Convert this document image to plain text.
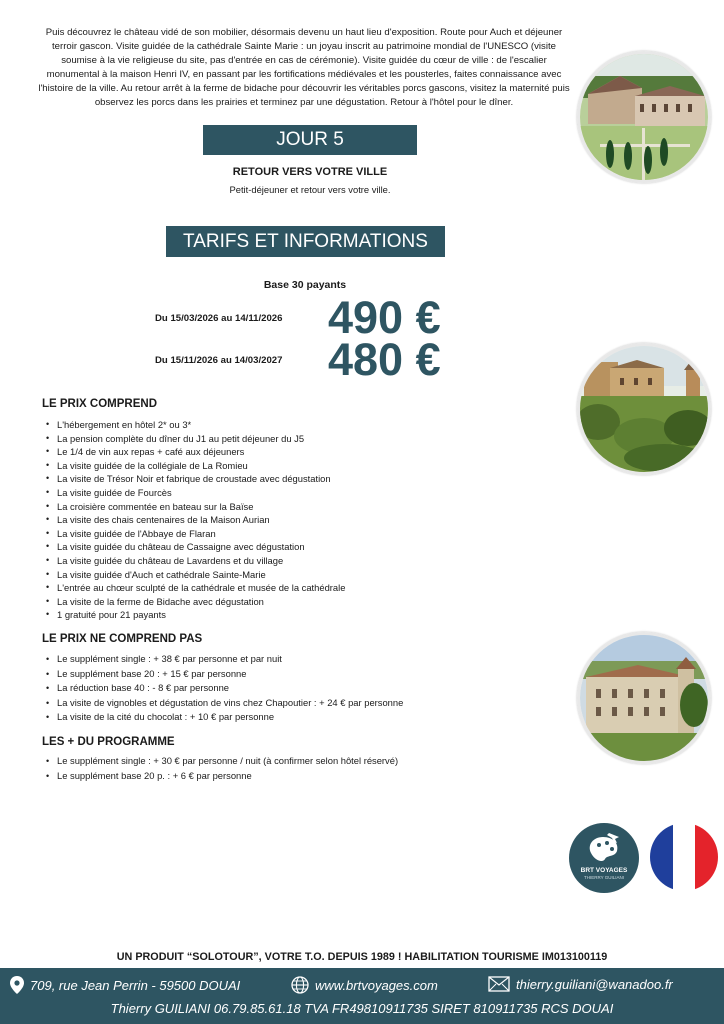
Puis découvrez le château vidé de son mobilier, désormais devenu un haut lieu d'exposition. Route pour Auch et déjeuner terroir gascon. Visite guidée de la cathédrale Sainte Marie : un joyau inscrit au patrimoine mondial de l'UNESCO (visite soumise à la vie religieuse du site, pas d'entrée en cas de cérémonie). Visite guidée du cœur de ville : de l'escalier monumental à la maison Henri IV, en passant par les fortifications médiévales et les pousterles, faites connaissance avec l'histoire de la ville. Au retour arrêt à la ferme de bidache pour découvrir les véritables porcs gascons, visitez la maternité puis observez les porcs dans les prairies et terminez par une dégustation. Retour à l'hôtel pour le dîner.

JOUR 5
RETOUR VERS VOTRE VILLE
Petit-déjeuner et retour vers votre ville.
TARIFS ET INFORMATIONS
Base 30 payants
Du 15/03/2026 au 14/11/2026 490 €
Du 15/11/2026 au 14/03/2027 480 €
LE PRIX COMPREND
• L'hébergement en hôtel 2* ou 3*
• La pension complète du dîner du J1 au petit déjeuner du J5
• Le 1/4 de vin aux repas + café aux déjeuners
• La visite guidée de la collégiale de La Romieu
• La visite de Trésor Noir et fabrique de croustade avec dégustation
• La visite guidée de Fourcès
• La croisière commentée en bateau sur la Baïse
• La visite des chais centenaires de la Maison Aurian
• La visite guidée de l'Abbaye de Flaran
• La visite guidée du château de Cassaigne avec dégustation
• La visite guidée du château de Lavardens et du village
• La visite guidée d'Auch et cathédrale Sainte-Marie
• L'entrée au chœur sculpté de la cathédrale et musée de la cathédrale
• La visite de la ferme de Bidache avec dégustation
• 1 gratuité pour 21 payants
LE PRIX NE COMPREND PAS
• Le supplément single : + 38 € par personne et par nuit
• Le supplément base 20 : + 15 € par personne
• La réduction base 40 : - 8 € par personne
• La visite de vignobles et dégustation de vins chez Chapoutier : + 24 € par personne
• La visite de la cité du chocolat : + 10 € par personne
LES + DU PROGRAMME
• Le supplément single : + 30 € par personne / nuit (à confirmer selon hôtel réservé)
• Le supplément base 20 p. : + 6 € par personne
BRT VOYAGES
THIERRY GUILIANI
UN PRODUIT “SOLOTOUR”, VOTRE T.O. DEPUIS 1989 ! HABILITATION TOURISME IM013100119
709, rue Jean Perrin - 59500 DOUAI	www.brtvoyages.com	thierry.guiliani@wanadoo.fr
Thierry GUILIANI 06.79.85.61.18 TVA FR49810911735 SIRET 810911735 RCS DOUAI
